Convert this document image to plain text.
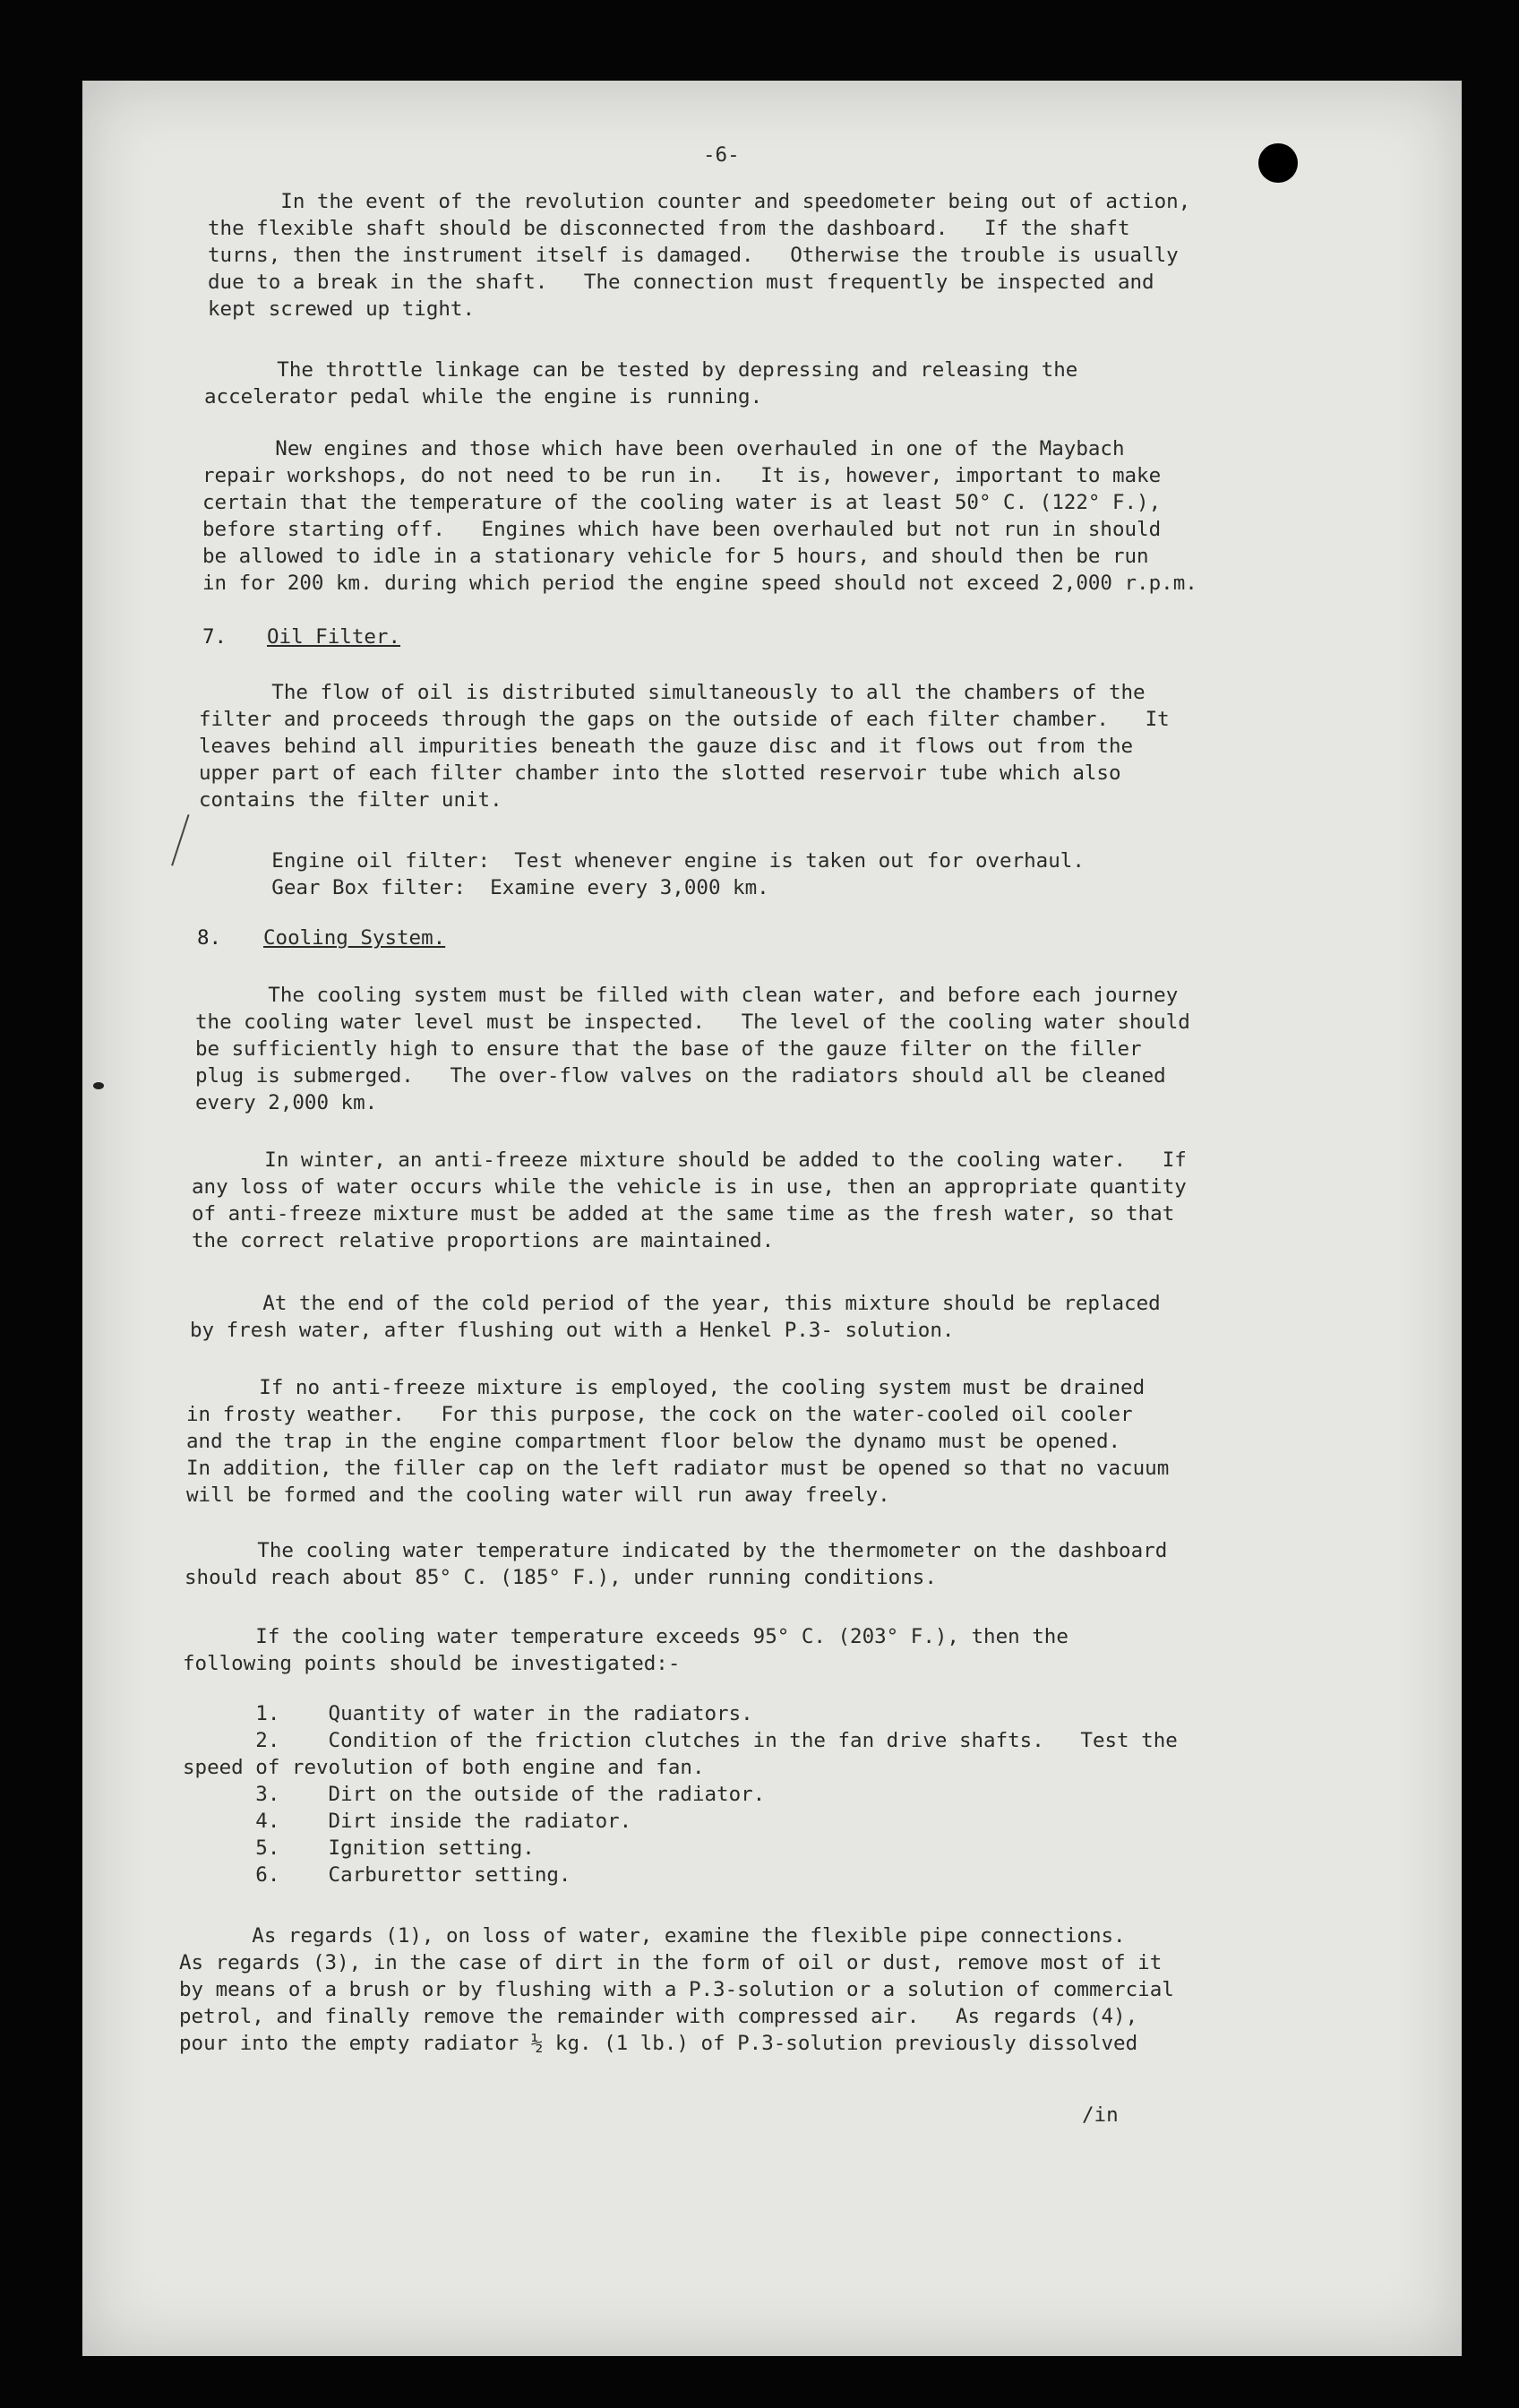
-6-
In the event of the revolution counter and speedometer being out of action,
the flexible shaft should be disconnected from the dashboard.   If the shaft
turns, then the instrument itself is damaged.   Otherwise the trouble is usually
due to a break in the shaft.   The connection must frequently be inspected and
kept screwed up tight.
The throttle linkage can be tested by depressing and releasing the
accelerator pedal while the engine is running.
New engines and those which have been overhauled in one of the Maybach
repair workshops, do not need to be run in.   It is, however, important to make
certain that the temperature of the cooling water is at least 50° C. (122° F.),
before starting off.   Engines which have been overhauled but not run in should
be allowed to idle in a stationary vehicle for 5 hours, and should then be run
in for 200 km. during which period the engine speed should not exceed 2,000 r.p.m.
7. Oil Filter.
The flow of oil is distributed simultaneously to all the chambers of the
filter and proceeds through the gaps on the outside of each filter chamber.   It
leaves behind all impurities beneath the gauze disc and it flows out from the
upper part of each filter chamber into the slotted reservoir tube which also
contains the filter unit.
Engine oil filter:  Test whenever engine is taken out for overhaul.
Gear Box filter:  Examine every 3,000 km.
8. Cooling System.
The cooling system must be filled with clean water, and before each journey
the cooling water level must be inspected.   The level of the cooling water should
be sufficiently high to ensure that the base of the gauze filter on the filler
plug is submerged.   The over-flow valves on the radiators should all be cleaned
every 2,000 km.
In winter, an anti-freeze mixture should be added to the cooling water.   If
any loss of water occurs while the vehicle is in use, then an appropriate quantity
of anti-freeze mixture must be added at the same time as the fresh water, so that
the correct relative proportions are maintained.
At the end of the cold period of the year, this mixture should be replaced
by fresh water, after flushing out with a Henkel P.3- solution.
If no anti-freeze mixture is employed, the cooling system must be drained
in frosty weather.   For this purpose, the cock on the water-cooled oil cooler
and the trap in the engine compartment floor below the dynamo must be opened.
In addition, the filler cap on the left radiator must be opened so that no vacuum
will be formed and the cooling water will run away freely.
The cooling water temperature indicated by the thermometer on the dashboard
should reach about 85° C. (185° F.), under running conditions.
If the cooling water temperature exceeds 95° C. (203° F.), then the
following points should be investigated:-
1.    Quantity of water in the radiators.
2.    Condition of the friction clutches in the fan drive shafts.   Test the
speed of revolution of both engine and fan.
3.    Dirt on the outside of the radiator.
4.    Dirt inside the radiator.
5.    Ignition setting.
6.    Carburettor setting.
As regards (1), on loss of water, examine the flexible pipe connections.
As regards (3), in the case of dirt in the form of oil or dust, remove most of it
by means of a brush or by flushing with a P.3-solution or a solution of commercial
petrol, and finally remove the remainder with compressed air.   As regards (4),
pour into the empty radiator ½ kg. (1 lb.) of P.3-solution previously dissolved
/in
